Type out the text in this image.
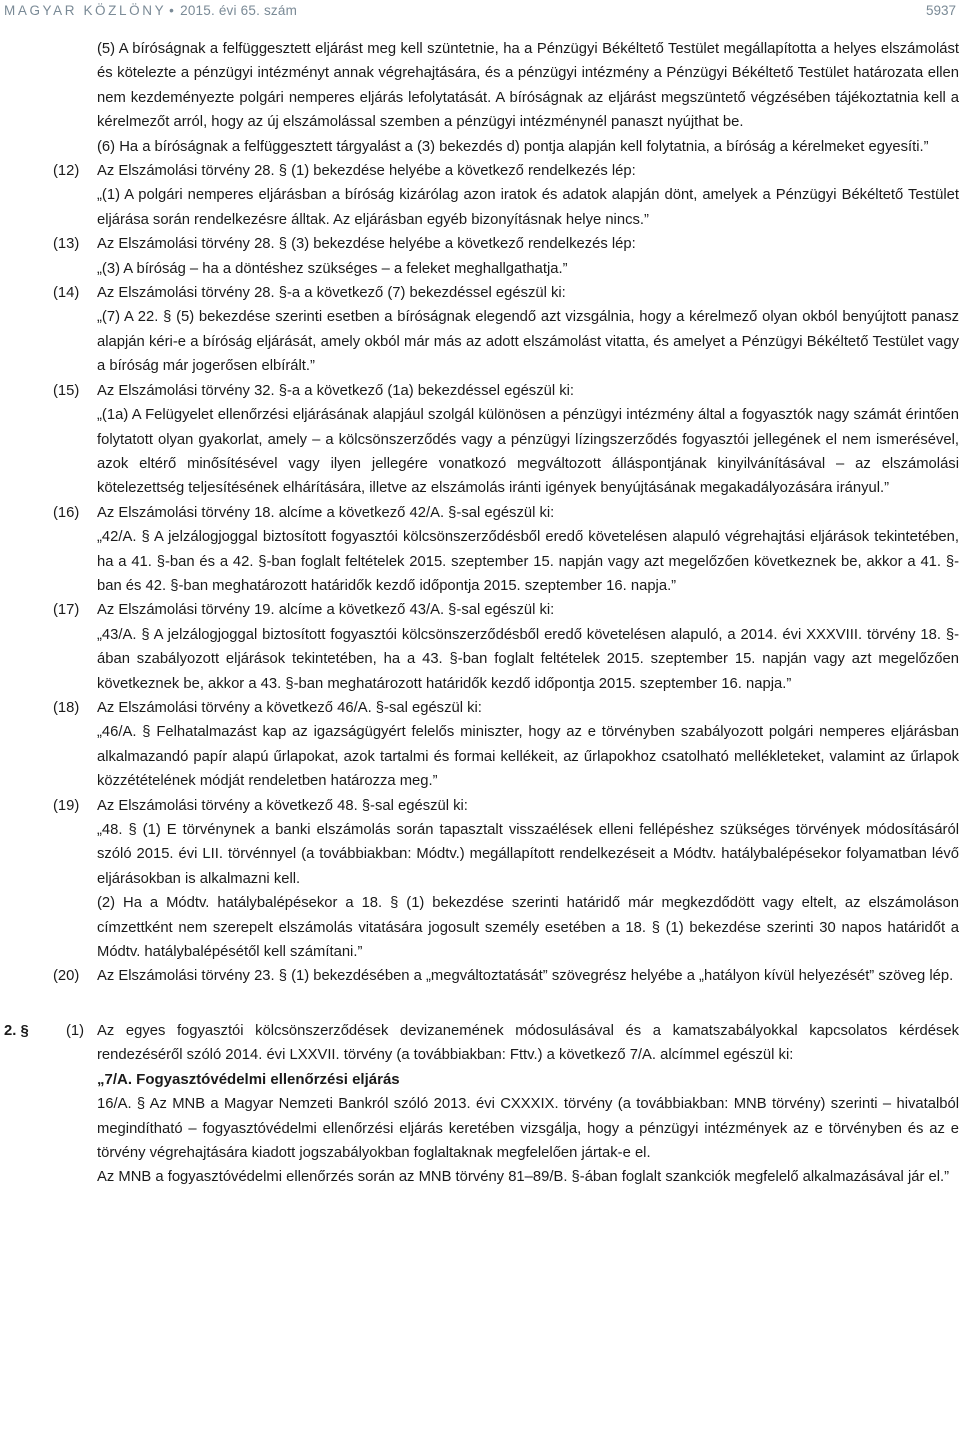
MAGYAR KÖZLÖNY • 2015. évi 65. szám	5937
(5) A bíróságnak a felfüggesztett eljárást meg kell szüntetnie, ha a Pénzügyi Békéltető Testület megállapította a helyes elszámolást és kötelezte a pénzügyi intézményt annak végrehajtására, és a pénzügyi intézmény a Pénzügyi Békéltető Testület határozata ellen nem kezdeményezte polgári nemperes eljárás lefolytatását. A bíróságnak az eljárást megszüntető végzésében tájékoztatnia kell a kérelmezőt arról, hogy az új elszámolással szemben a pénzügyi intézménynél panaszt nyújthat be.
(6) Ha a bíróságnak a felfüggesztett tárgyalást a (3) bekezdés d) pontja alapján kell folytatnia, a bíróság a kérelmeket egyesíti.”
(12)	Az Elszámolási törvény 28. § (1) bekezdése helyébe a következő rendelkezés lép:
„(1) A polgári nemperes eljárásban a bíróság kizárólag azon iratok és adatok alapján dönt, amelyek a Pénzügyi Békéltető Testület eljárása során rendelkezésre álltak. Az eljárásban egyéb bizonyításnak helye nincs.”
(13)	Az Elszámolási törvény 28. § (3) bekezdése helyébe a következő rendelkezés lép:
„(3) A bíróság – ha a döntéshez szükséges – a feleket meghallgathatja.”
(14)	Az Elszámolási törvény 28. §-a a következő (7) bekezdéssel egészül ki:
„(7) A 22. § (5) bekezdése szerinti esetben a bíróságnak elegendő azt vizsgálnia, hogy a kérelmező olyan okból benyújtott panasz alapján kéri-e a bíróság eljárását, amely okból már más az adott elszámolást vitatta, és amelyet a Pénzügyi Békéltető Testület vagy a bíróság már jogerősen elbírált.”
(15)	Az Elszámolási törvény 32. §-a a következő (1a) bekezdéssel egészül ki:
„(1a) A Felügyelet ellenőrzési eljárásának alapjául szolgál különösen a pénzügyi intézmény által a fogyasztók nagy számát érintően folytatott olyan gyakorlat, amely – a kölcsönszerződés vagy a pénzügyi lízingszerződés fogyasztói jellegének el nem ismerésével, azok eltérő minősítésével vagy ilyen jellegére vonatkozó megváltozott álláspontjának kinyilvánításával – az elszámolási kötelezettség teljesítésének elhárítására, illetve az elszámolás iránti igények benyújtásának megakadályozására irányul.”
(16)	Az Elszámolási törvény 18. alcíme a következő 42/A. §-sal egészül ki:
„42/A. § A jelzálogjoggal biztosított fogyasztói kölcsönszerződésből eredő követelésen alapuló végrehajtási eljárások tekintetében, ha a 41. §-ban és a 42. §-ban foglalt feltételek 2015. szeptember 15. napján vagy azt megelőzően következnek be, akkor a 41. §-ban és 42. §-ban meghatározott határidők kezdő időpontja 2015. szeptember 16. napja.”
(17)	Az Elszámolási törvény 19. alcíme a következő 43/A. §-sal egészül ki:
„43/A. § A jelzálogjoggal biztosított fogyasztói kölcsönszerződésből eredő követelésen alapuló, a 2014. évi XXXVIII. törvény 18. §-ában szabályozott eljárások tekintetében, ha a 43. §-ban foglalt feltételek 2015. szeptember 15. napján vagy azt megelőzően következnek be, akkor a 43. §-ban meghatározott határidők kezdő időpontja 2015. szeptember 16. napja.”
(18)	Az Elszámolási törvény a következő 46/A. §-sal egészül ki:
„46/A. § Felhatalmazást kap az igazságügyért felelős miniszter, hogy az e törvényben szabályozott polgári nemperes eljárásban alkalmazandó papír alapú űrlapokat, azok tartalmi és formai kellékeit, az űrlapokhoz csatolható mellékleteket, valamint az űrlapok közzétételének módját rendeletben határozza meg.”
(19)	Az Elszámolási törvény a következő 48. §-sal egészül ki:
„48. § (1) E törvénynek a banki elszámolás során tapasztalt visszaélések elleni fellépéshez szükséges törvények módosításáról szóló 2015. évi LII. törvénnyel (a továbbiakban: Módtv.) megállapított rendelkezéseit a Módtv. hatálybalépésekor folyamatban lévő eljárásokban is alkalmazni kell.
(2) Ha a Módtv. hatálybalépésekor a 18. § (1) bekezdése szerinti határidő már megkezdődött vagy eltelt, az elszámoláson címzettként nem szerepelt elszámolás vitatására jogosult személy esetében a 18. § (1) bekezdése szerinti 30 napos határidőt a Módtv. hatálybalépésétől kell számítani.”
(20)	Az Elszámolási törvény 23. § (1) bekezdésében a „megváltoztatását” szövegrész helyébe a „hatályon kívül helyezését” szöveg lép.
2. §	(1) Az egyes fogyasztói kölcsönszerződések devizanemének módosulásával és a kamatszabályokkal kapcsolatos kérdések rendezéséről szóló 2014. évi LXXVII. törvény (a továbbiakban: Fttv.) a következő 7/A. alcímmel egészül ki:
„7/A. Fogyasztóvédelmi ellenőrzési eljárás
16/A. § Az MNB a Magyar Nemzeti Bankról szóló 2013. évi CXXXIX. törvény (a továbbiakban: MNB törvény) szerinti – hivatalból megindítható – fogyasztóvédelmi ellenőrzési eljárás keretében vizsgálja, hogy a pénzügyi intézmények az e törvényben és az e törvény végrehajtására kiadott jogszabályokban foglaltaknak megfelelően jártak-e el.
Az MNB a fogyasztóvédelmi ellenőrzés során az MNB törvény 81–89/B. §-ában foglalt szankciók megfelelő alkalmazásával jár el.”
